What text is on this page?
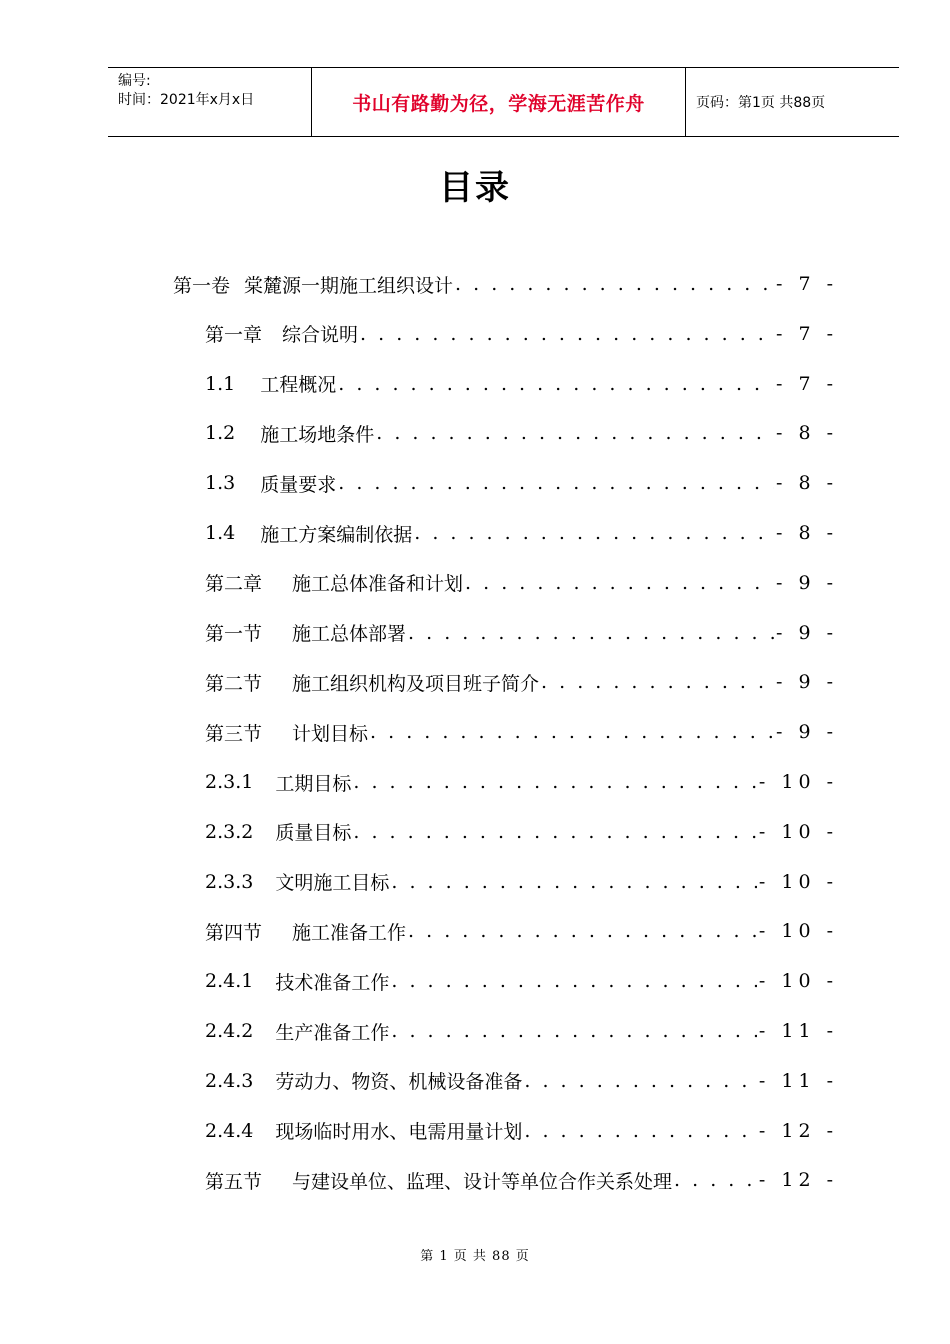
编号:
时间：2021年x月x日	书山有路勤为径，学海无涯苦作舟	页码：第1页 共88页
目录
第一卷 棠麓源一期施工组织设计 . . .	- 7 -
第一章 综合说明 . . .	- 7 -
1.1 工程概况 . . .	- 7 -
1.2 施工场地条件 . . .	- 8 -
1.3 质量要求 . . .	- 8 -
1.4 施工方案编制依据 . . .	- 8 -
第二章 施工总体准备和计划 . . .	- 9 -
第一节 施工总体部署 . . .	- 9 -
第二节 施工组织机构及项目班子简介 . . .	- 9 -
第三节 计划目标 . . .	- 9 -
2.3.1 工期目标 . . .	- 10 -
2.3.2 质量目标 . . .	- 10 -
2.3.3 文明施工目标 . . .	- 10 -
第四节 施工准备工作 . . .	- 10 -
2.4.1 技术准备工作 . . .	- 10 -
2.4.2 生产准备工作 . . .	- 11 -
2.4.3 劳动力、物资、机械设备准备 . . .	- 11 -
2.4.4 现场临时用水、电需用量计划 . . .	- 12 -
第五节 与建设单位、监理、设计等单位合作关系处理 . . .	- 12 -
第 1 页 共 88 页
